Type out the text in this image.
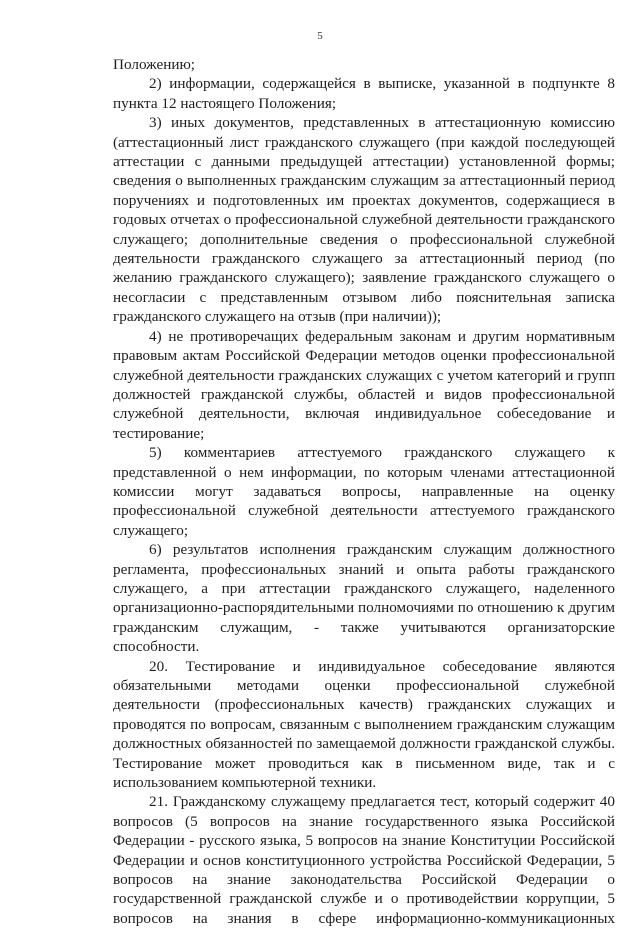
5

Положению;

2) информации, содержащейся в выписке, указанной в подпункте 8 пункта 12 настоящего Положения;

3) иных документов, представленных в аттестационную комиссию (аттестационный лист гражданского служащего (при каждой последующей аттестации с данными предыдущей аттестации) установленной формы; сведения о выполненных гражданским служащим за аттестационный период поручениях и подготовленных им проектах документов, содержащиеся в годовых отчетах о профессиональной служебной деятельности гражданского служащего; дополнительные сведения о профессиональной служебной деятельности гражданского служащего за аттестационный период (по желанию гражданского служащего); заявление гражданского служащего о несогласии с представленным отзывом либо пояснительная записка гражданского служащего на отзыв (при наличии));

4) не противоречащих федеральным законам и другим нормативным правовым актам Российской Федерации методов оценки профессиональной служебной деятельности гражданских служащих с учетом категорий и групп должностей гражданской службы, областей и видов профессиональной служебной деятельности, включая индивидуальное собеседование и тестирование;

5) комментариев аттестуемого гражданского служащего к представленной о нем информации, по которым членами аттестационной комиссии могут задаваться вопросы, направленные на оценку профессиональной служебной деятельности аттестуемого гражданского служащего;

6) результатов исполнения гражданским служащим должностного регламента, профессиональных знаний и опыта работы гражданского служащего, а при аттестации гражданского служащего, наделенного организационно-распорядительными полномочиями по отношению к другим гражданским служащим, - также учитываются организаторские способности.

20. Тестирование и индивидуальное собеседование являются обязательными методами оценки профессиональной служебной деятельности (профессиональных качеств) гражданских служащих и проводятся по вопросам, связанным с выполнением гражданским служащим должностных обязанностей по замещаемой должности гражданской службы. Тестирование может проводиться как в письменном виде, так и с использованием компьютерной техники.

21. Гражданскому служащему предлагается тест, который содержит 40 вопросов (5 вопросов на знание государственного языка Российской Федерации - русского языка, 5 вопросов на знание Конституции Российской Федерации и основ конституционного устройства Российской Федерации, 5 вопросов на знание законодательства Российской Федерации о государственной гражданской службе и о противодействии коррупции, 5 вопросов на знания в сфере информационно-коммуникационных
